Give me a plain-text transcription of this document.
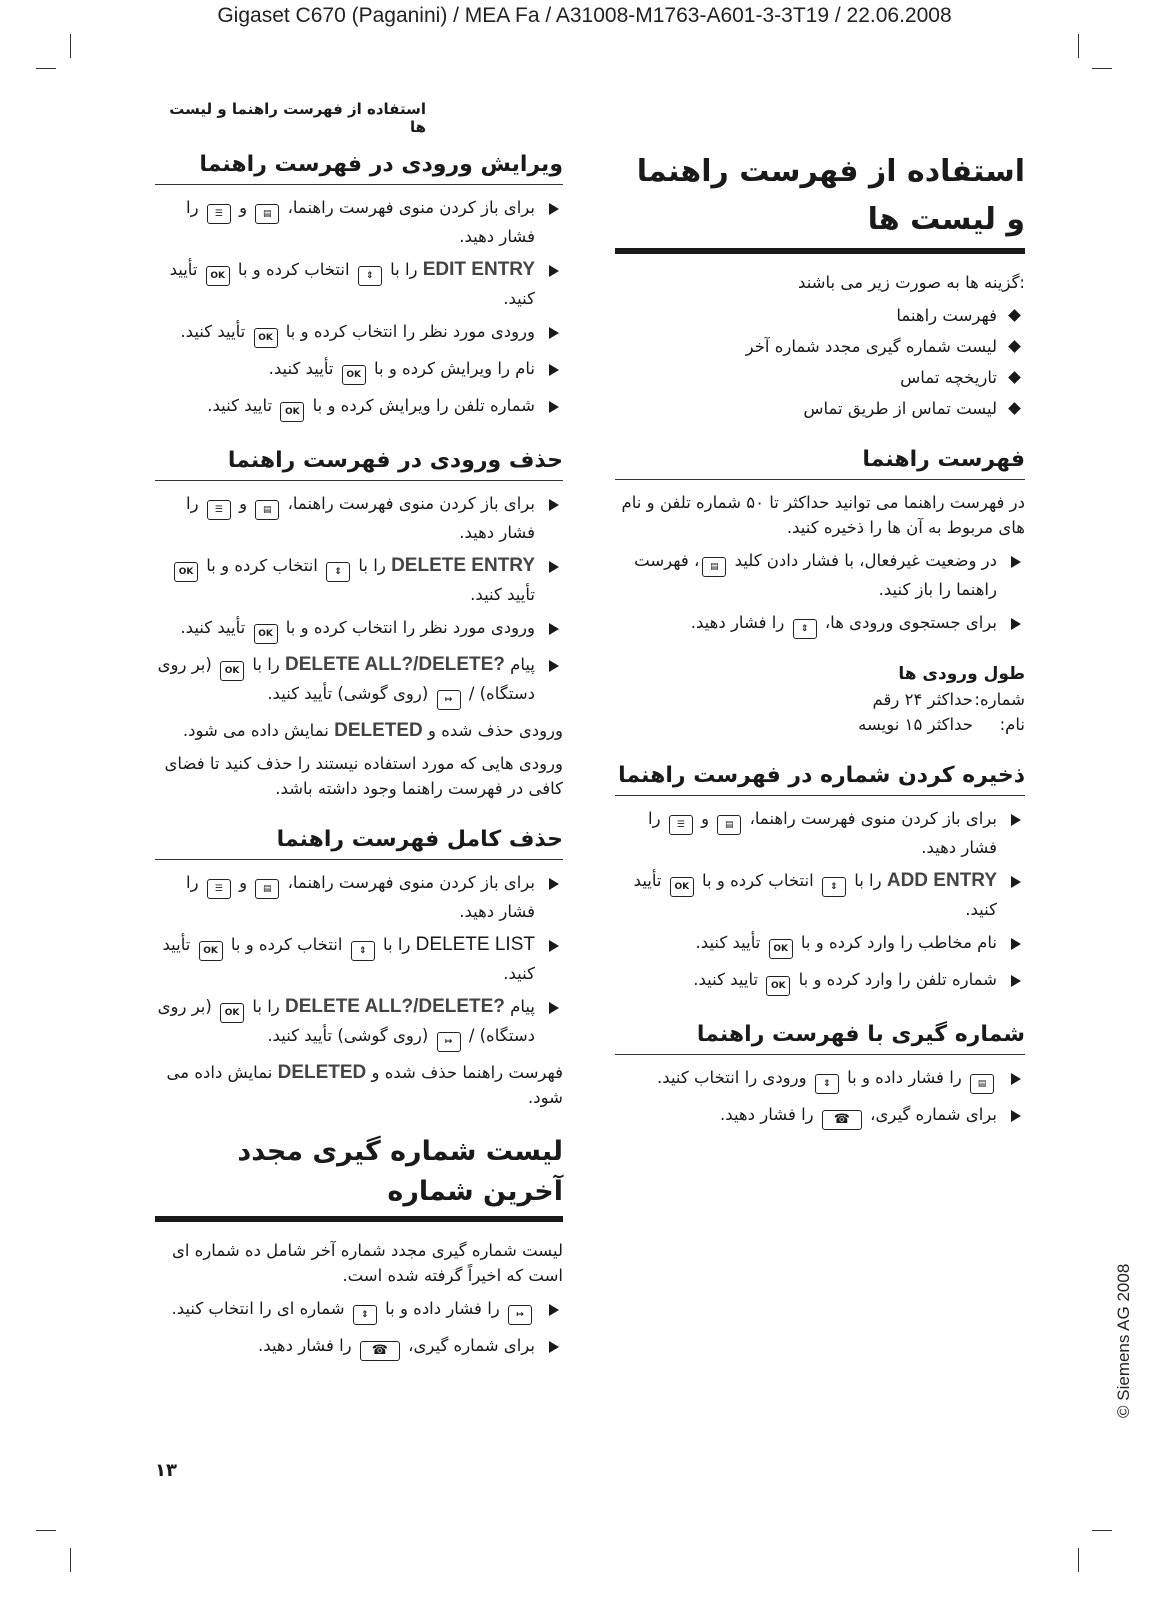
Gigaset C670 (Paganini) / MEA Fa / A31008-M1763-A601-3-3T19 / 22.06.2008
استفاده از فهرست راهنما و لیست ها
استفاده از فهرست راهنما و لیست ها

:گزینه ها به صورت زیر می باشند

فهرست راهنما
لیست شماره گیری مجدد شماره آخر
تاریخچه تماس
لیست تماس از طریق تماس
فهرست راهنما

در فهرست راهنما می توانید حداکثر تا ۵۰ شماره تلفن و نام های مربوط به آن ها را ذخیره کنید.

در وضعیت غیرفعال، با فشار دادن کلید ▤، فهرست راهنما را باز کنید.
برای جستجوی ورودی ها، ⇕ را فشار دهید.
طول ورودی ها
شماره:
حداکثر ۲۴ رقم
نام:
حداکثر ۱۵ نویسه
ذخیره کردن شماره در فهرست راهنما
برای باز کردن منوی فهرست راهنما، ▤ و ☰ را فشار دهید.
ADD ENTRY را با ⇕ انتخاب کرده و با OK تأیید کنید.
نام مخاطب را وارد کرده و با OK تأیید کنید.
شماره تلفن را وارد کرده و با OK تایید کنید.
شماره گیری با فهرست راهنما
▤ را فشار داده و با ⇕ ورودی را انتخاب کنید.
برای شماره گیری، ☎ را فشار دهید.
ویرایش ورودی در فهرست راهنما
برای باز کردن منوی فهرست راهنما، ▤ و ☰ را فشار دهید.
EDIT ENTRY را با ⇕ انتخاب کرده و با OK تأیید کنید.
ورودی مورد نظر را انتخاب کرده و با OK تأیید کنید.
نام را ویرایش کرده و با OK تأیید کنید.
شماره تلفن را ویرایش کرده و با OK تایید کنید.
حذف ورودی در فهرست راهنما
برای باز کردن منوی فهرست راهنما، ▤ و ☰ را فشار دهید.
DELETE ENTRY را با ⇕ انتخاب کرده و با OK تأیید کنید.
ورودی مورد نظر را انتخاب کرده و با OK تأیید کنید.
پیام DELETE ALL?/DELETE? را با OK (بر روی دستگاه) / ↦ (روی گوشی) تأیید کنید.

ورودی حذف شده و DELETED نمایش داده می شود.

ورودی هایی که مورد استفاده نیستند را حذف کنید تا فضای کافی در فهرست راهنما وجود داشته باشد.

حذف کامل فهرست راهنما
برای باز کردن منوی فهرست راهنما، ▤ و ☰ را فشار دهید.
DELETE LIST را با ⇕ انتخاب کرده و با OK تأیید کنید.
پیام DELETE ALL?/DELETE? را با OK (بر روی دستگاه) / ↦ (روی گوشی) تأیید کنید.

فهرست راهنما حذف شده و DELETED نمایش داده می شود.

لیست شماره گیری مجدد آخرین شماره

لیست شماره گیری مجدد شماره آخر شامل ده شماره ای است که اخیراً گرفته شده است.

↦ را فشار داده و با ⇕ شماره ای را انتخاب کنید.
برای شماره گیری، ☎ را فشار دهید.
۱۳
© Siemens AG 2008
